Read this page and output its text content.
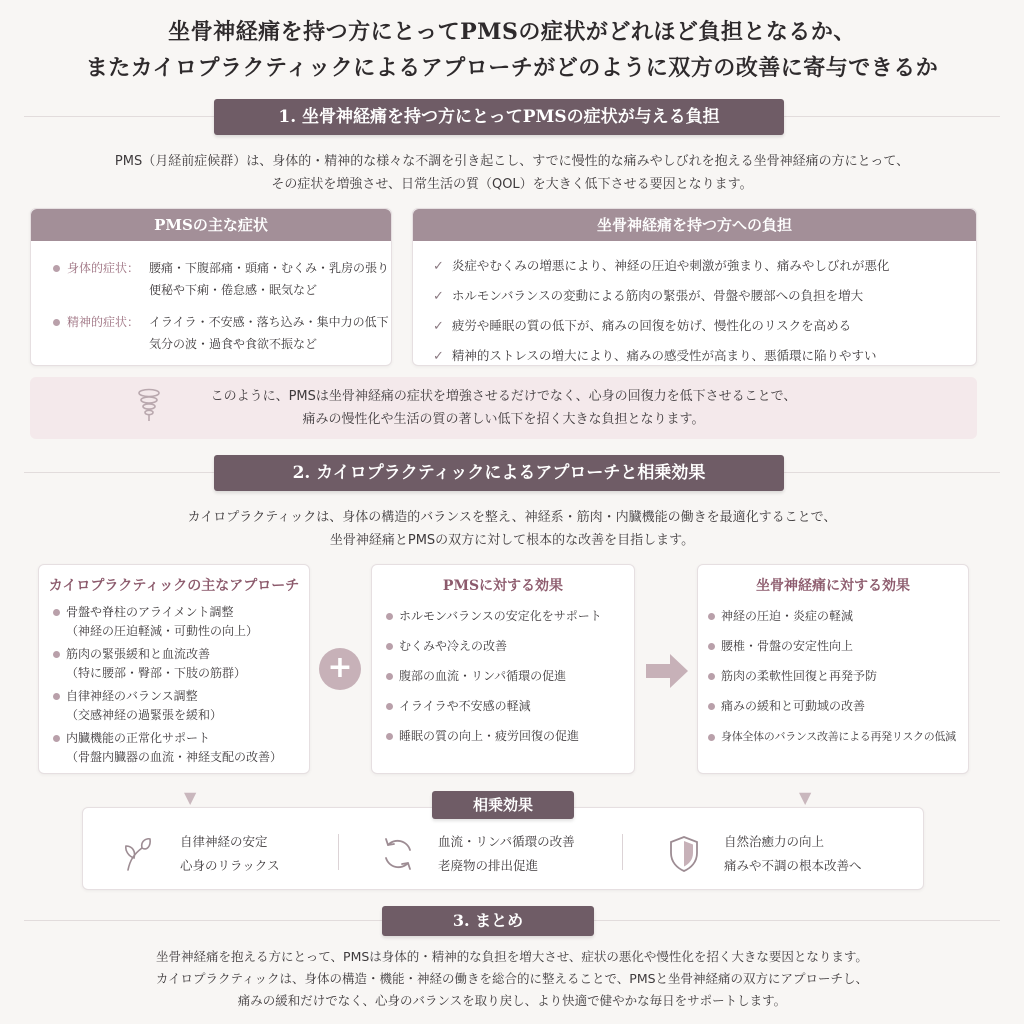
坐骨神経痛を持つ方にとってPMSの症状がどれほど負担となるか、
またカイロプラクティックによるアプローチがどのように双方の改善に寄与できるか
1. 坐骨神経痛を持つ方にとってPMSの症状が与える負担
PMS（月経前症候群）は、身体的・精神的な様々な不調を引き起こし、すでに慢性的な痛みやしびれを抱える坐骨神経痛の方にとって、
その症状を増強させ、日常生活の質（QOL）を大きく低下させる要因となります。
PMSの主な症状
身体的症状： 腰痛・下腹部痛・頭痛・むくみ・乳房の張り
便秘や下痢・倦怠感・眠気など
精神的症状： イライラ・不安感・落ち込み・集中力の低下
気分の波・過食や食欲不振など
坐骨神経痛を持つ方への負担
✓ 炎症やむくみの増悪により、神経の圧迫や刺激が強まり、痛みやしびれが悪化
✓ ホルモンバランスの変動による筋肉の緊張が、骨盤や腰部への負担を増大
✓ 疲労や睡眠の質の低下が、痛みの回復を妨げ、慢性化のリスクを高める
✓ 精神的ストレスの増大により、痛みの感受性が高まり、悪循環に陥りやすい
このように、PMSは坐骨神経痛の症状を増強させるだけでなく、心身の回復力を低下させることで、
痛みの慢性化や生活の質の著しい低下を招く大きな負担となります。
2. カイロプラクティックによるアプローチと相乗効果
カイロプラクティックは、身体の構造的バランスを整え、神経系・筋肉・内臓機能の働きを最適化することで、
坐骨神経痛とPMSの双方に対して根本的な改善を目指します。
カイロプラクティックの主なアプローチ
骨盤や脊柱のアライメント調整
（神経の圧迫軽減・可動性の向上）
筋肉の緊張緩和と血流改善
（特に腰部・臀部・下肢の筋群）
自律神経のバランス調整
（交感神経の過緊張を緩和）
内臓機能の正常化サポート
（骨盤内臓器の血流・神経支配の改善）
+
PMSに対する効果
ホルモンバランスの安定化をサポート
むくみや冷えの改善
腹部の血流・リンパ循環の促進
イライラや不安感の軽減
睡眠の質の向上・疲労回復の促進
坐骨神経痛に対する効果
神経の圧迫・炎症の軽減
腰椎・骨盤の安定性向上
筋肉の柔軟性回復と再発予防
痛みの緩和と可動域の改善
身体全体のバランス改善による再発リスクの低減
▼	▼
相乗効果
自律神経の安定
心身のリラックス
血流・リンパ循環の改善
老廃物の排出促進
自然治癒力の向上
痛みや不調の根本改善へ
3. まとめ
坐骨神経痛を抱える方にとって、PMSは身体的・精神的な負担を増大させ、症状の悪化や慢性化を招く大きな要因となります。
カイロプラクティックは、身体の構造・機能・神経の働きを総合的に整えることで、PMSと坐骨神経痛の双方にアプローチし、
痛みの緩和だけでなく、心身のバランスを取り戻し、より快適で健やかな毎日をサポートします。
